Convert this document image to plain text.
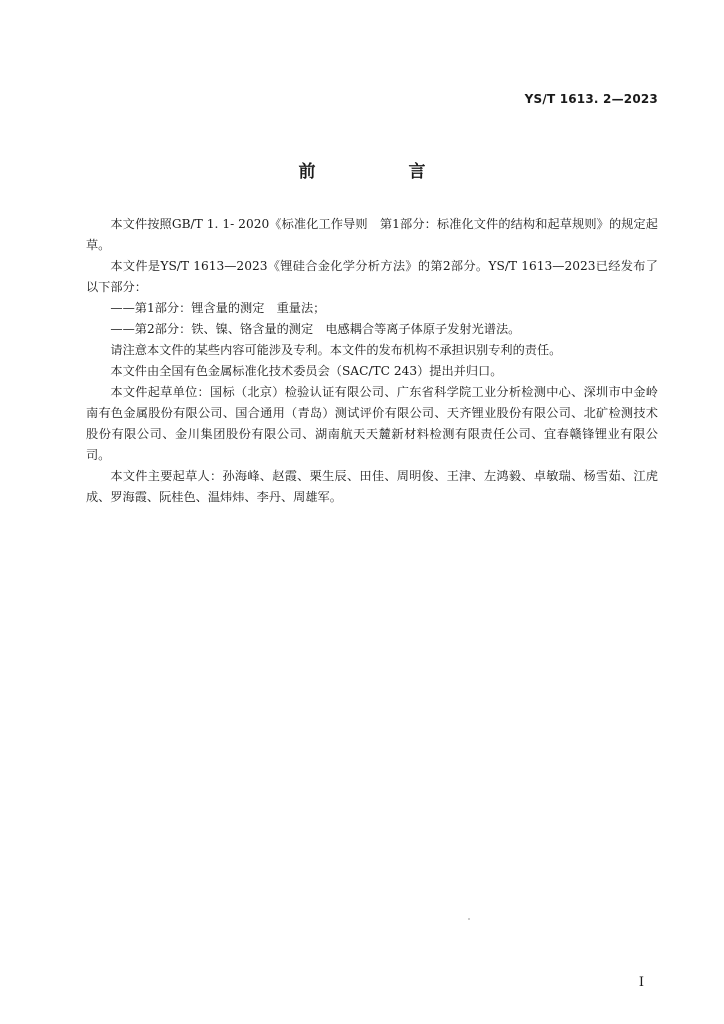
YS/T 1613. 2—2023
前　言

本文件按照GB/T 1. 1- 2020《标准化工作导则　第1部分：标准化文件的结构和起草规则》的规定起草。

本文件是YS/T 1613—2023《锂硅合金化学分析方法》的第2部分。YS/T 1613—2023已经发布了以下部分：

——第1部分：锂含量的测定　重量法；

——第2部分：铁、镍、铬含量的测定　电感耦合等离子体原子发射光谱法。

请注意本文件的某些内容可能涉及专利。本文件的发布机构不承担识别专利的责任。

本文件由全国有色金属标准化技术委员会（SAC/TC 243）提出并归口。

本文件起草单位：国标（北京）检验认证有限公司、广东省科学院工业分析检测中心、深圳市中金岭南有色金属股份有限公司、国合通用（青岛）测试评价有限公司、天齐锂业股份有限公司、北矿检测技术股份有限公司、金川集团股份有限公司、湖南航天天麓新材料检测有限责任公司、宜春赣锋锂业有限公司。

本文件主要起草人：孙海峰、赵霞、栗生辰、田佳、周明俊、王津、左鸿毅、卓敏瑞、杨雪茹、江虎成、罗海霞、阮桂色、温炜炜、李丹、周雄军。

I
